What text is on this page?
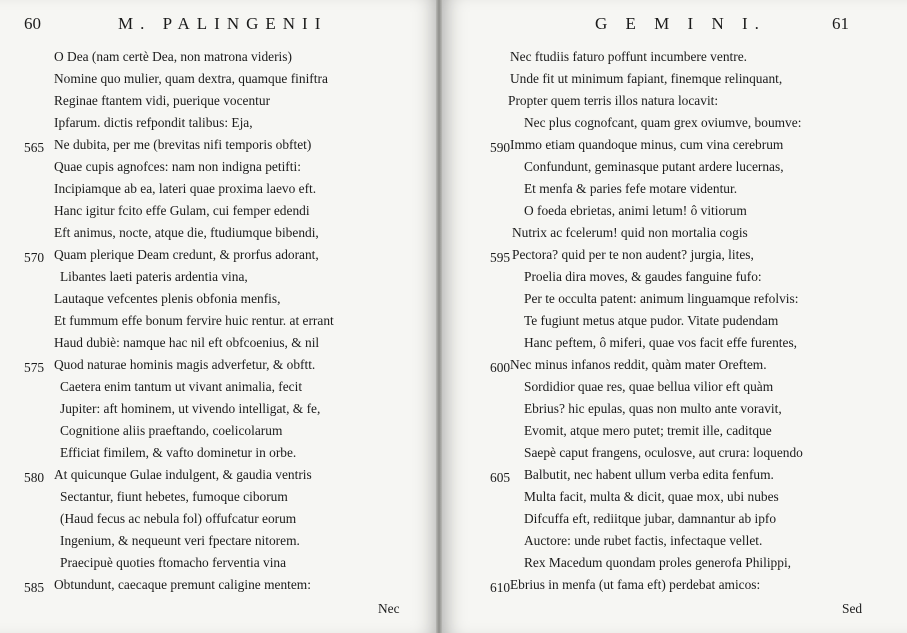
60	M. PALINGENII
O Dea (nam certè Dea, non matrona videris)
Nomine quo mulier, quam dextra, quamque finiftra
Reginae ftantem vidi, puerique vocentur
Ipfarum. dictis refpondit talibus: Eja,
Ne dubita, per me (brevitas nifi temporis obftet)
Quae cupis agnofces: nam non indigna petifti:
Incipiamque ab ea, lateri quae proxima laevo eft.
Hanc igitur fcito effe Gulam, cui femper edendi
Eft animus, nocte, atque die, ftudiumque bibendi,
Quam plerique Deam credunt, & prorfus adorant,
Libantes laeti pateris ardentia vina,
Lautaque vefcentes plenis obfonia menfis,
Et fummum effe bonum fervire huic rentur. at errant
Haud dubiè: namque hac nil eft obfcoenius, & nil
Quod naturae hominis magis adverfetur, & obftt.
Caetera enim tantum ut vivant animalia, fecit
Jupiter: aft hominem, ut vivendo intelligat, & fe,
Cognitione aliis praeftando, coelicolarum
Efficiat fimilem, & vafto dominetur in orbe.
At quicunque Gulae indulgent, & gaudia ventris
Sectantur, fiunt hebetes, fumoque ciborum
(Haud fecus ac nebula fol) offufcatur eorum
Ingenium, & nequeunt veri fpectare nitorem.
Praecipuè quoties ftomacho ferventia vina
Obtundunt, caecaque premunt caligine mentem:
565
570
575
580
585
Nec
G E M I N I.	61
Nec ftudiis faturo poffunt incumbere ventre.
Unde fit ut minimum fapiant, finemque relinquant,
Propter quem terris illos natura locavit:
Nec plus cognofcant, quam grex oviumve, boumve:
Immo etiam quandoque minus, cum vina cerebrum
Confundunt, geminasque putant ardere lucernas,
Et menfa & paries fefe motare videntur.
O foeda ebrietas, animi letum! ô vitiorum
Nutrix ac fcelerum! quid non mortalia cogis
Pectora? quid per te non audent? jurgia, lites,
Proelia dira moves, & gaudes fanguine fufo:
Per te occulta patent: animum linguamque refolvis:
Te fugiunt metus atque pudor. Vitate pudendam
Hanc peftem, ô miferi, quae vos facit effe furentes,
Nec minus infanos reddit, quàm mater Oreftem.
Sordidior quae res, quae bellua vilior eft quàm
Ebrius? hic epulas, quas non multo ante voravit,
Evomit, atque mero putet; tremit ille, caditque
Saepè caput frangens, oculosve, aut crura: loquendo
Balbutit, nec habent ullum verba edita fenfum.
Multa facit, multa & dicit, quae mox, ubi nubes
Difcuffa eft, rediitque jubar, damnantur ab ipfo
Auctore: unde rubet factis, infectaque vellet.
Rex Macedum quondam proles generofa Philippi,
Ebrius in menfa (ut fama eft) perdebat amicos:
590
595
600
605
610
Sed
